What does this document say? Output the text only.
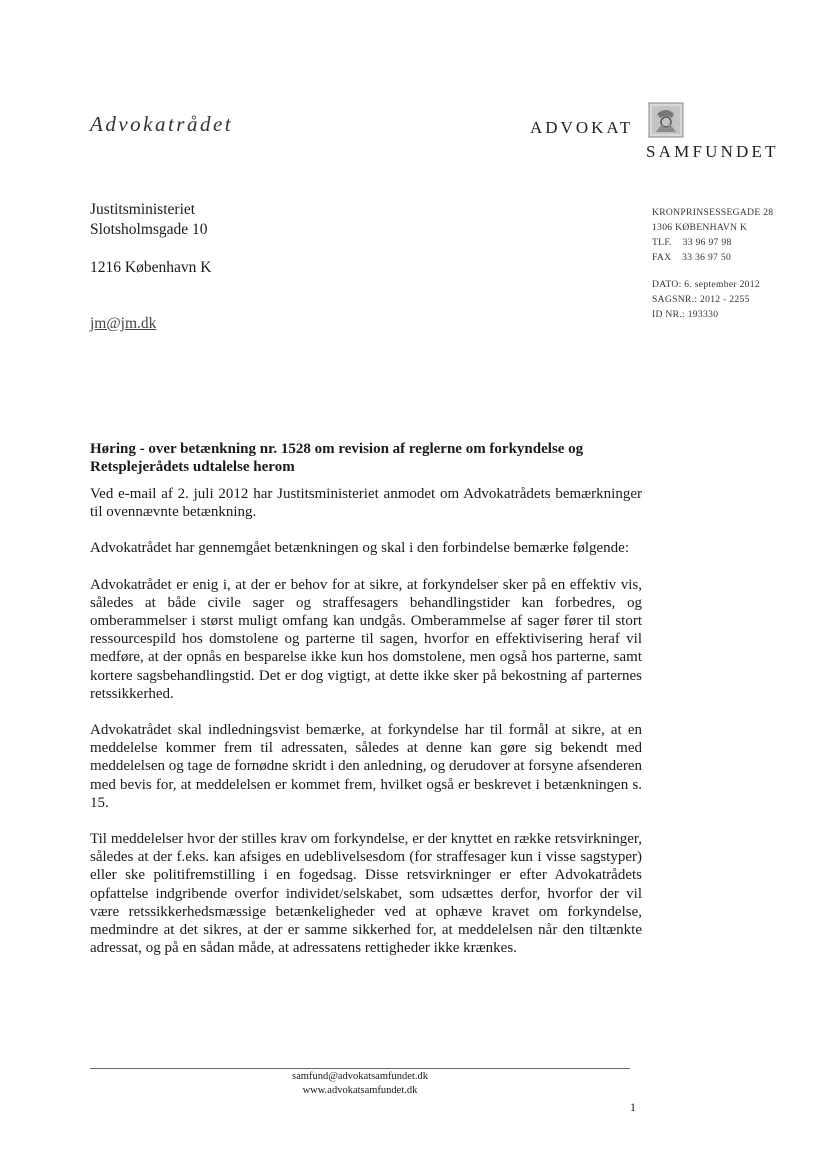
Advokatrådet	ADVOKAT
SAMFUNDET
Justitsministeriet
Slotsholmsgade 10
1216 København K
jm@jm.dk
KRONPRINSESSEGADE 28
1306 KØBENHAVN K
TLF.    33 96 97 98
FAX    33 36 97 50
DATO: 6. september 2012
SAGSNR.: 2012 - 2255
ID NR.: 193330
Høring - over betænkning nr. 1528 om revision af reglerne om forkyndelse og Retsplejerådets udtalelse herom

Ved e-mail af 2. juli 2012 har Justitsministeriet anmodet om Advokatrådets bemærkninger til ovennævnte betænkning.

Advokatrådet har gennemgået betænkningen og skal i den forbindelse bemærke følgende:

Advokatrådet er enig i, at der er behov for at sikre, at forkyndelser sker på en effektiv vis, således at både civile sager og straffesagers behandlingstider kan forbedres, og omberammelser i størst muligt omfang kan undgås. Omberammelse af sager fører til stort ressourcespild hos domstolene og parterne til sagen, hvorfor en effektivisering heraf vil medføre, at der opnås en besparelse ikke kun hos domstolene, men også hos parterne, samt kortere sagsbehandlingstid. Det er dog vigtigt, at dette ikke sker på bekostning af parternes retssikkerhed.

Advokatrådet skal indledningsvist bemærke, at forkyndelse har til formål at sikre, at en meddelelse kommer frem til adressaten, således at denne kan gøre sig bekendt med meddelelsen og tage de fornødne skridt i den anledning, og derudover at forsyne afsenderen med bevis for, at meddelelsen er kommet frem, hvilket også er beskrevet i betænkningen s. 15.

Til meddelelser hvor der stilles krav om forkyndelse, er der knyttet en række retsvirkninger, således at der f.eks. kan afsiges en udeblivelsesdom (for straffesager kun i visse sagstyper) eller ske politifremstilling i en fogedsag. Disse retsvirkninger er efter Advokatrådets opfattelse indgribende overfor individet/selskabet, som udsættes derfor, hvorfor der vil være retssikkerhedsmæssige betænkeligheder ved at ophæve kravet om forkyndelse, medmindre at det sikres, at der er samme sikkerhed for, at meddelelsen når den tiltænkte adressat, og på en sådan måde, at adressatens rettigheder ikke krænkes.

samfund@advokatsamfundet.dk
www.advokatsamfundet.dk
1
